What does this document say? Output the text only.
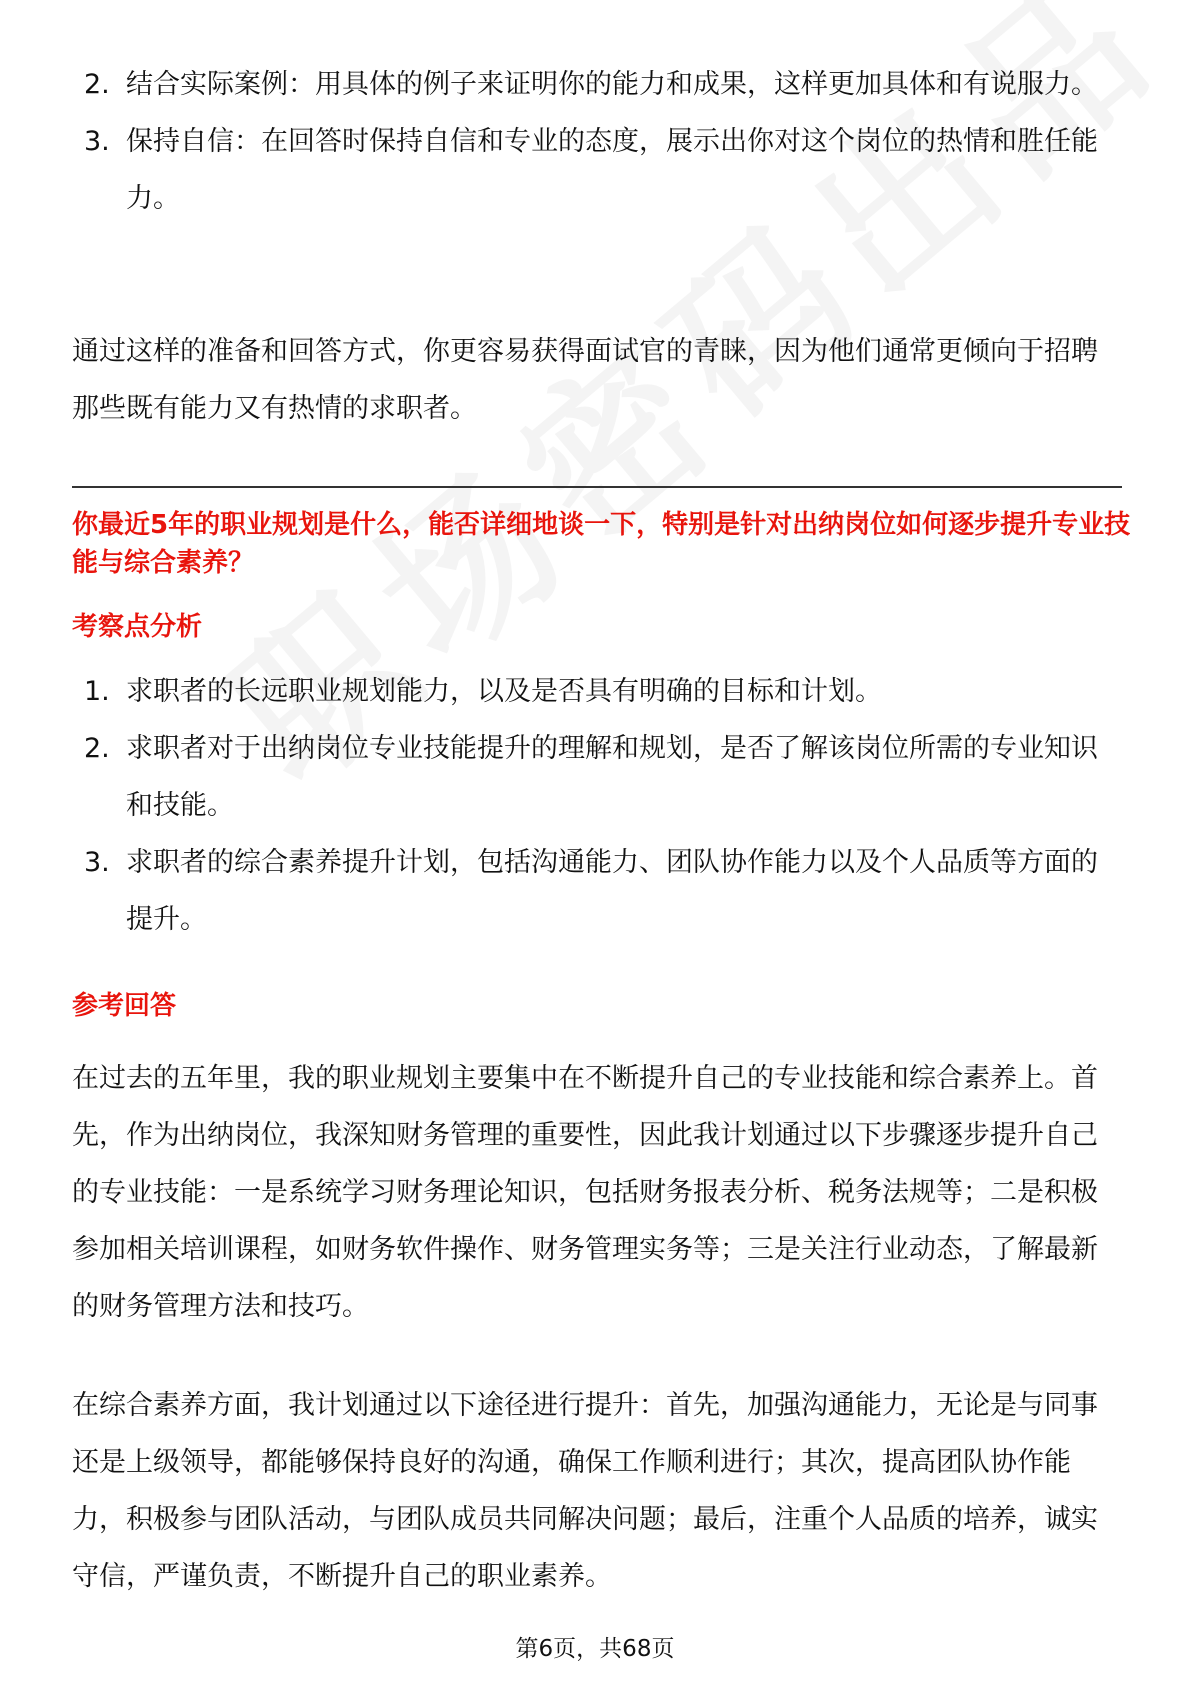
2. 结合实际案例：用具体的例子来证明你的能力和成果，这样更加具体和有说服力。
3. 保持自信：在回答时保持自信和专业的态度，展示出你对这个岗位的热情和胜任能力。

通过这样的准备和回答方式，你更容易获得面试官的青睐，因为他们通常更倾向于招聘那些既有能力又有热情的求职者。

你最近5年的职业规划是什么，能否详细地谈一下，特别是针对出纳岗位如何逐步提升专业技能与综合素养？

考察点分析

1. 求职者的长远职业规划能力，以及是否具有明确的目标和计划。
2. 求职者对于出纳岗位专业技能提升的理解和规划，是否了解该岗位所需的专业知识和技能。
3. 求职者的综合素养提升计划，包括沟通能力、团队协作能力以及个人品质等方面的提升。

参考回答

在过去的五年里，我的职业规划主要集中在不断提升自己的专业技能和综合素养上。首先，作为出纳岗位，我深知财务管理的重要性，因此我计划通过以下步骤逐步提升自己的专业技能：一是系统学习财务理论知识，包括财务报表分析、税务法规等；二是积极参加相关培训课程，如财务软件操作、财务管理实务等；三是关注行业动态，了解最新的财务管理方法和技巧。

在综合素养方面，我计划通过以下途径进行提升：首先，加强沟通能力，无论是与同事还是上级领导，都能够保持良好的沟通，确保工作顺利进行；其次，提高团队协作能力，积极参与团队活动，与团队成员共同解决问题；最后，注重个人品质的培养，诚实守信，严谨负责，不断提升自己的职业素养。

第6页，共68页
